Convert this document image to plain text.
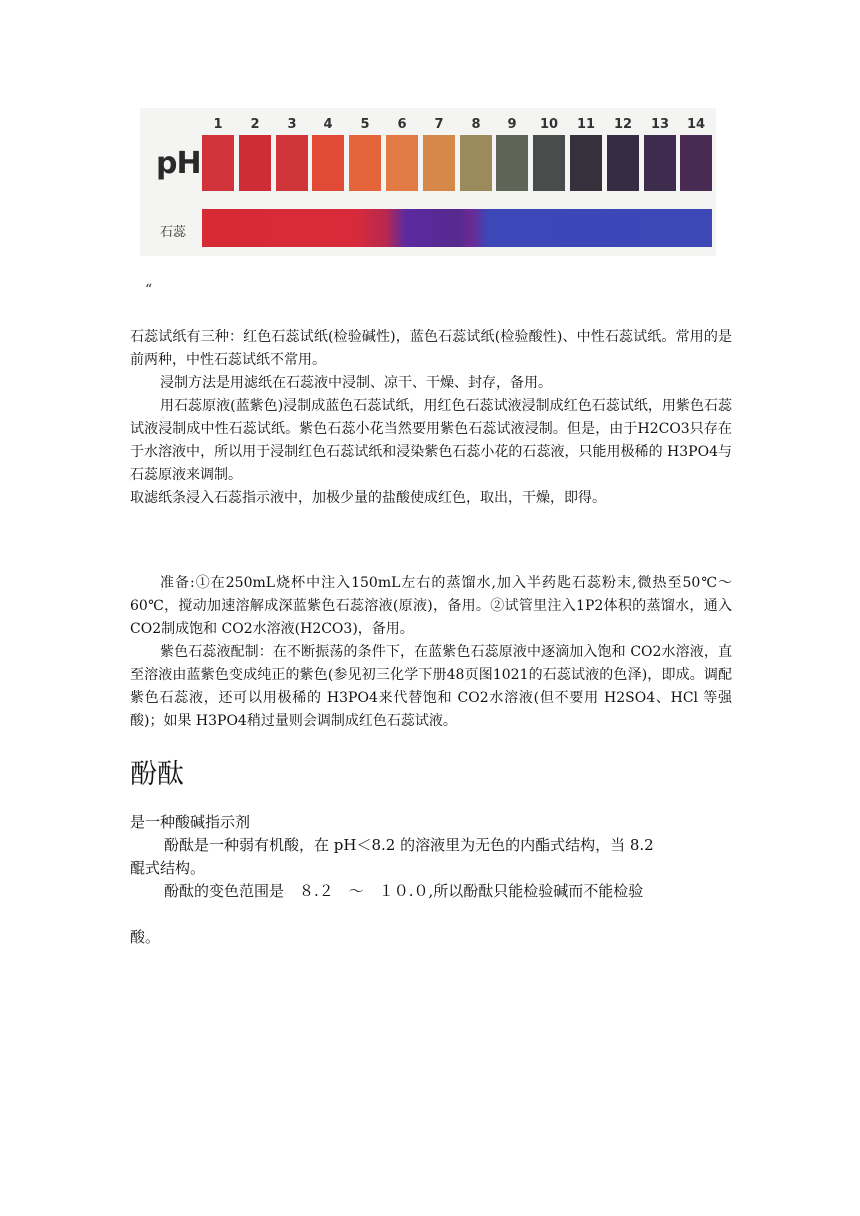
pH
1	2	3	4	5	6	7	8	9	10	11	12	13	14
石蕊
“

石蕊试纸有三种：红色石蕊试纸(检验碱性)，蓝色石蕊试纸(检验酸性)、中性石蕊试纸。常用的是前两种，中性石蕊试纸不常用。

浸制方法是用滤纸在石蕊液中浸制、凉干、干燥、封存，备用。

用石蕊原液(蓝紫色)浸制成蓝色石蕊试纸，用红色石蕊试液浸制成红色石蕊试纸，用紫色石蕊试液浸制成中性石蕊试纸。紫色石蕊小花当然要用紫色石蕊试液浸制。但是，由于H2CO3只存在于水溶液中，所以用于浸制红色石蕊试纸和浸染紫色石蕊小花的石蕊液，只能用极稀的 H3PO4与石蕊原液来调制。

取滤纸条浸入石蕊指示液中，加极少量的盐酸使成红色，取出，干燥，即得。

准备:①在250mL烧杯中注入150mL左右的蒸馏水,加入半药匙石蕊粉末,微热至50℃～60℃，搅动加速溶解成深蓝紫色石蕊溶液(原液)，备用。②试管里注入1P2体积的蒸馏水，通入 CO2制成饱和 CO2水溶液(H2CO3)，备用。

紫色石蕊液配制：在不断振荡的条件下，在蓝紫色石蕊原液中逐滴加入饱和 CO2水溶液，直至溶液由蓝紫色变成纯正的紫色(参见初三化学下册48页图1021的石蕊试液的色泽)，即成。调配紫色石蕊液，还可以用极稀的 H3PO4来代替饱和 CO2水溶液(但不要用 H2SO4、HCl 等强酸)；如果 H3PO4稍过量则会调制成红色石蕊试液。

酚酞

是一种酸碱指示剂

酚酞是一种弱有机酸，在 pH＜8.2 的溶液里为无色的内酯式结构，当 8.2

醌式结构。

酚酞的变色范围是　８.２　～　１０.０,所以酚酞只能检验碱而不能检验

酸。
